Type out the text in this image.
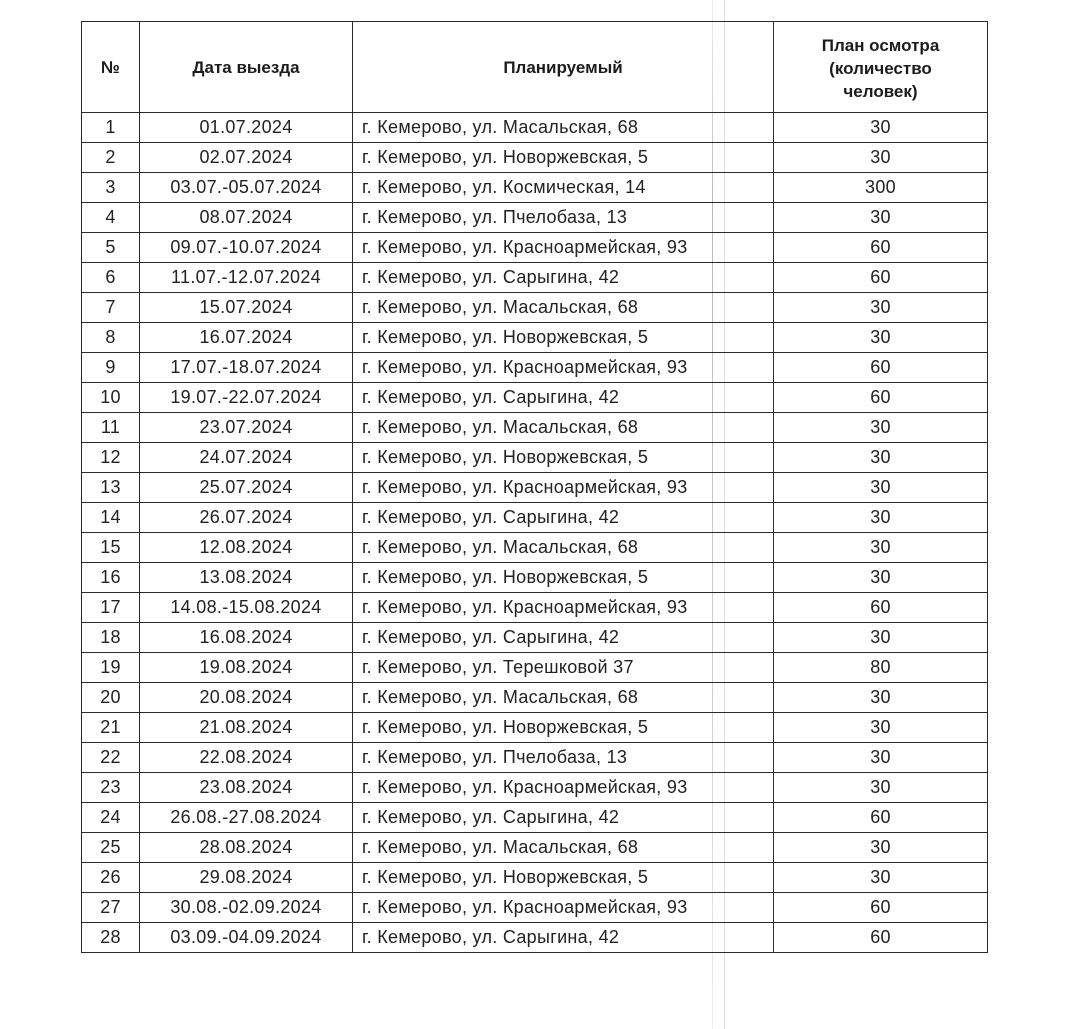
№	Дата выезда	Планируемый	План осмотра
(количество
человек)

1	01.07.2024	г. Кемерово, ул. Масальская, 68	30
2	02.07.2024	г. Кемерово, ул. Новоржевская, 5	30
3	03.07.-05.07.2024	г. Кемерово, ул. Космическая, 14	300
4	08.07.2024	г. Кемерово, ул. Пчелобаза, 13	30
5	09.07.-10.07.2024	г. Кемерово, ул. Красноармейская, 93	60
6	11.07.-12.07.2024	г. Кемерово, ул. Сарыгина, 42	60
7	15.07.2024	г. Кемерово, ул. Масальская, 68	30
8	16.07.2024	г. Кемерово, ул. Новоржевская, 5	30
9	17.07.-18.07.2024	г. Кемерово, ул. Красноармейская, 93	60
10	19.07.-22.07.2024	г. Кемерово, ул. Сарыгина, 42	60
11	23.07.2024	г. Кемерово, ул. Масальская, 68	30
12	24.07.2024	г. Кемерово, ул. Новоржевская, 5	30
13	25.07.2024	г. Кемерово, ул. Красноармейская, 93	30
14	26.07.2024	г. Кемерово, ул. Сарыгина, 42	30
15	12.08.2024	г. Кемерово, ул. Масальская, 68	30
16	13.08.2024	г. Кемерово, ул. Новоржевская, 5	30
17	14.08.-15.08.2024	г. Кемерово, ул. Красноармейская, 93	60
18	16.08.2024	г. Кемерово, ул. Сарыгина, 42	30
19	19.08.2024	г. Кемерово, ул. Терешковой 37	80
20	20.08.2024	г. Кемерово, ул. Масальская, 68	30
21	21.08.2024	г. Кемерово, ул. Новоржевская, 5	30
22	22.08.2024	г. Кемерово, ул. Пчелобаза, 13	30
23	23.08.2024	г. Кемерово, ул. Красноармейская, 93	30
24	26.08.-27.08.2024	г. Кемерово, ул. Сарыгина, 42	60
25	28.08.2024	г. Кемерово, ул. Масальская, 68	30
26	29.08.2024	г. Кемерово, ул. Новоржевская, 5	30
27	30.08.-02.09.2024	г. Кемерово, ул. Красноармейская, 93	60
28	03.09.-04.09.2024	г. Кемерово, ул. Сарыгина, 42	60
